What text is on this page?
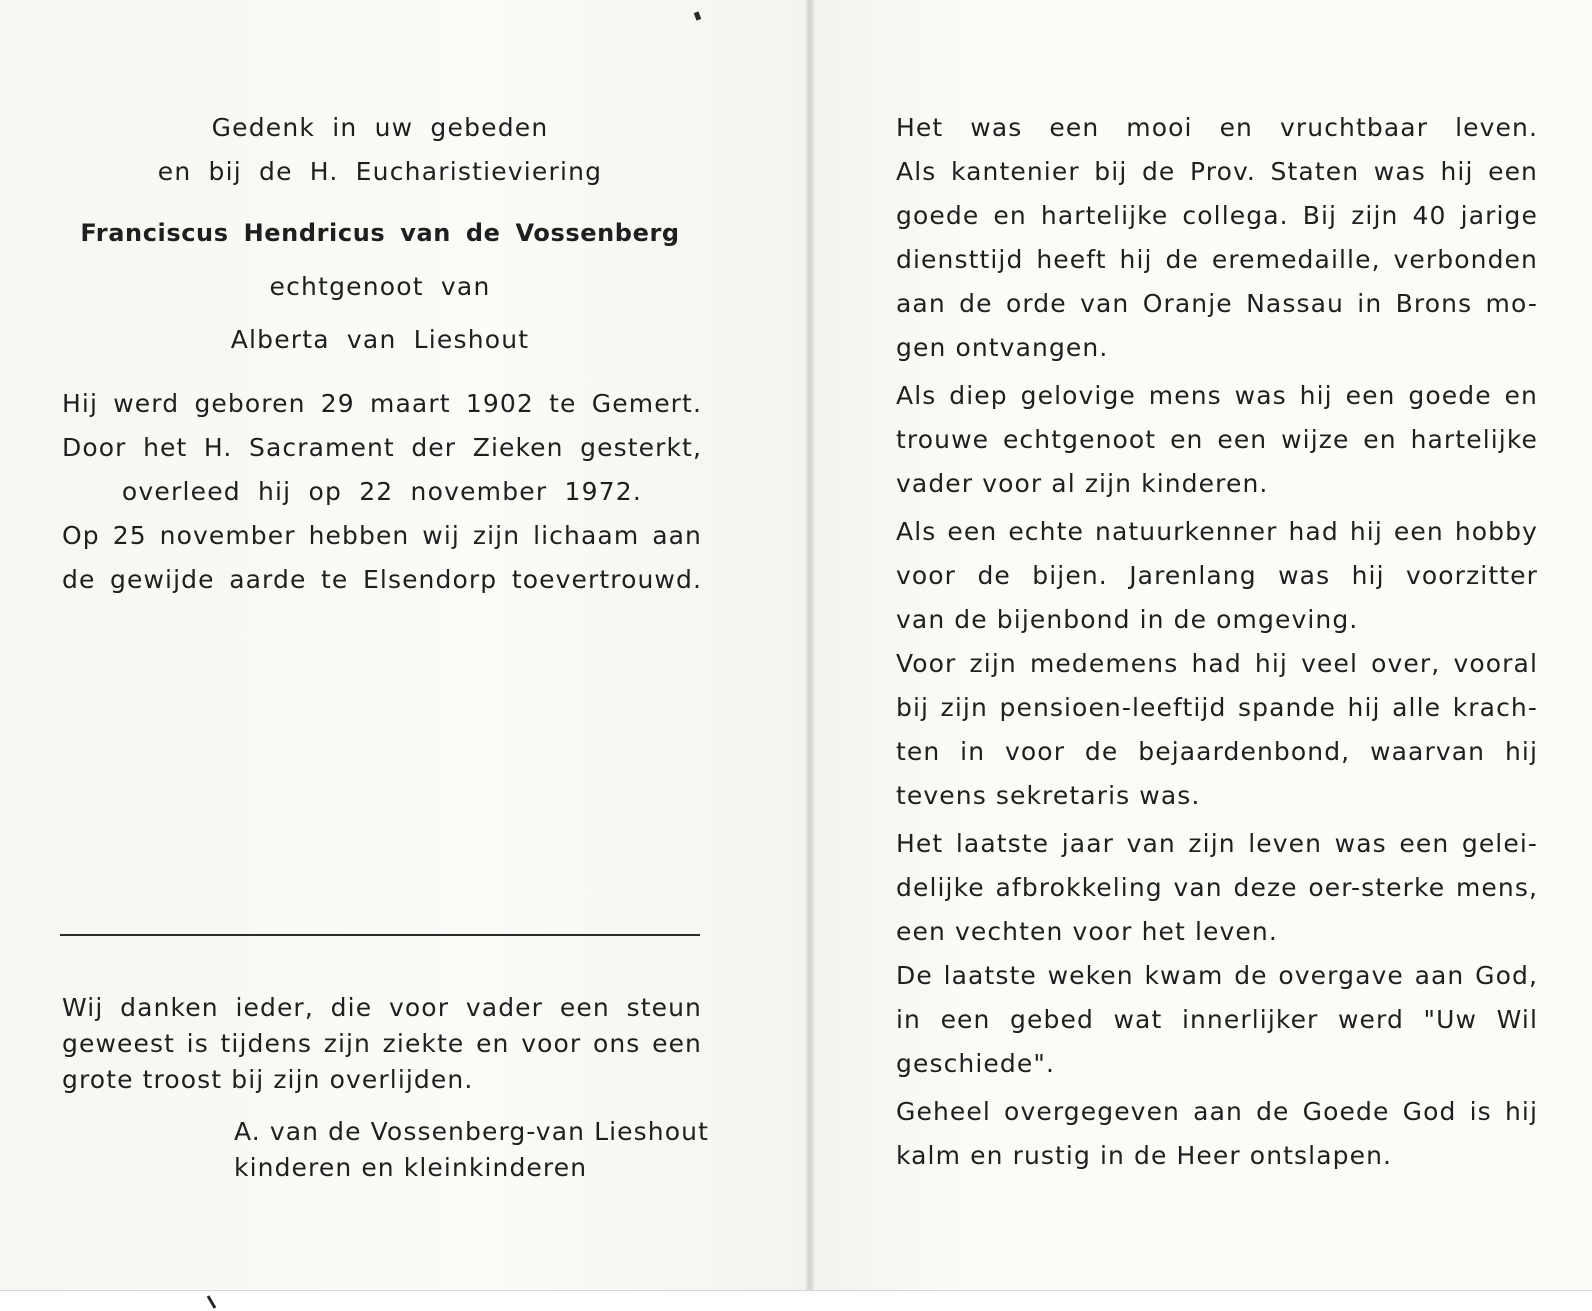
Gedenk in uw gebeden
en bij de H. Eucharistieviering
Franciscus Hendricus van de Vossenberg
echtgenoot van
Alberta van Lieshout
Hij werd geboren 29 maart 1902 te Gemert.
Door het H. Sacrament der Zieken gesterkt,
overleed hij op 22 november 1972.
Op 25 november hebben wij zijn lichaam aan
de gewijde aarde te Elsendorp toevertrouwd.
Wij danken ieder, die voor vader een steun
geweest is tijdens zijn ziekte en voor ons een
grote troost bij zijn overlijden.
A. van de Vossenberg-van Lieshout
kinderen en kleinkinderen
Het was een mooi en vruchtbaar leven.
Als kantenier bij de Prov. Staten was hij een
goede en hartelijke collega. Bij zijn 40 jarige
diensttijd heeft hij de eremedaille, verbonden
aan de orde van Oranje Nassau in Brons mo-
gen ontvangen.
Als diep gelovige mens was hij een goede en
trouwe echtgenoot en een wijze en hartelijke
vader voor al zijn kinderen.
Als een echte natuurkenner had hij een hobby
voor de bijen. Jarenlang was hij voorzitter
van de bijenbond in de omgeving.
Voor zijn medemens had hij veel over, vooral
bij zijn pensioen-leeftijd spande hij alle krach-
ten in voor de bejaardenbond, waarvan hij
tevens sekretaris was.
Het laatste jaar van zijn leven was een gelei-
delijke afbrokkeling van deze oer-sterke mens,
een vechten voor het leven.
De laatste weken kwam de overgave aan God,
in een gebed wat innerlijker werd "Uw Wil
geschiede".
Geheel overgegeven aan de Goede God is hij
kalm en rustig in de Heer ontslapen.
